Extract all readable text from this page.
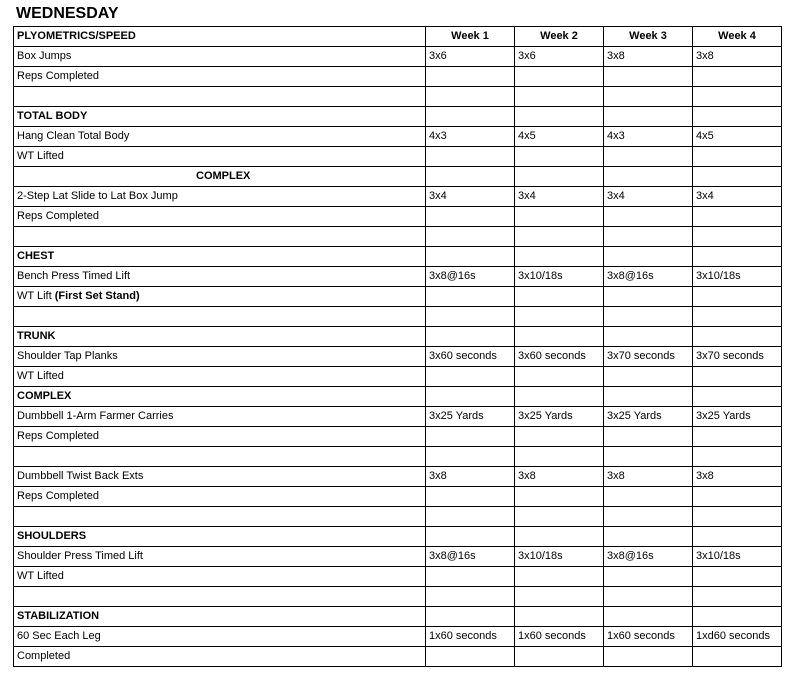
WEDNESDAY
PLYOMETRICS/SPEED	Week 1	Week 2	Week 3	Week 4
Box Jumps	3x6	3x6	3x8	3x8
Reps Completed				

TOTAL BODY				
Hang Clean Total Body	4x3	4x5	4x3	4x5
WT Lifted				
COMPLEX				
2-Step Lat Slide to Lat Box Jump	3x4	3x4	3x4	3x4
Reps Completed				

CHEST				
Bench Press Timed Lift	3x8@16s	3x10/18s	3x8@16s	3x10/18s
WT Lift (First Set Stand)				

TRUNK				
Shoulder Tap Planks	3x60 seconds	3x60 seconds	3x70 seconds	3x70 seconds
WT Lifted				
COMPLEX				
Dumbbell 1-Arm Farmer Carries	3x25 Yards	3x25 Yards	3x25 Yards	3x25 Yards
Reps Completed				

Dumbbell Twist Back Exts	3x8	3x8	3x8	3x8
Reps Completed				

SHOULDERS				
Shoulder Press Timed Lift	3x8@16s	3x10/18s	3x8@16s	3x10/18s
WT Lifted				

STABILIZATION				
60 Sec Each Leg	1x60 seconds	1x60 seconds	1x60 seconds	1xd60 seconds
Completed				
